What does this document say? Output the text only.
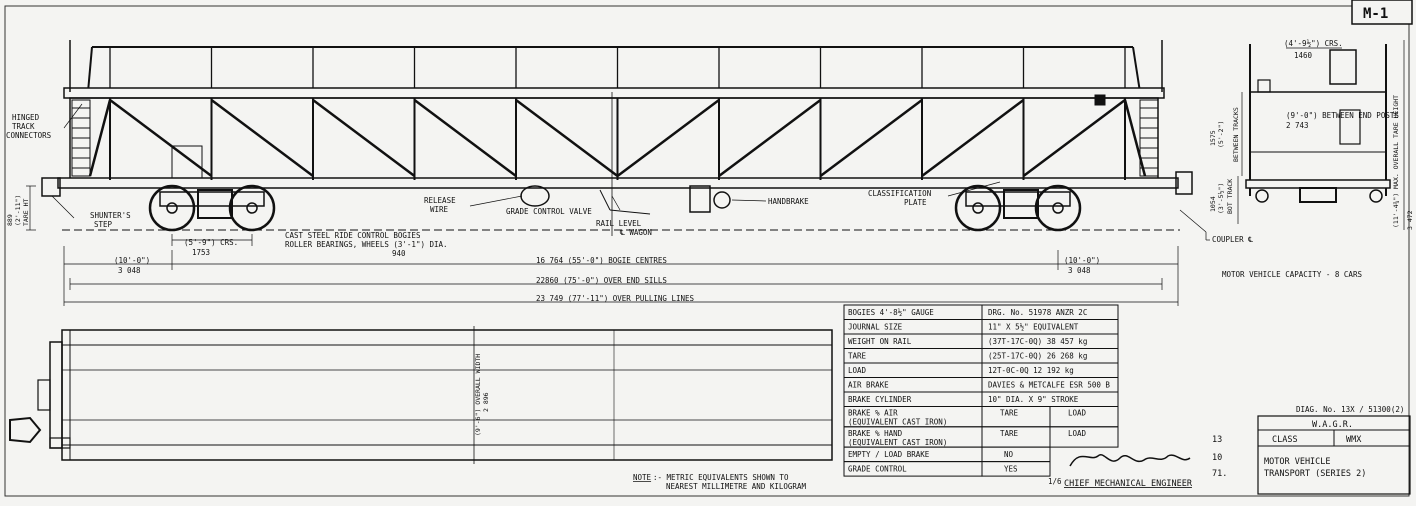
M-1
HINGED
TRACK
CONNECTORS
SHUNTER'S
STEP
889 (2'-11") TARE HT
CAST STEEL RIDE CONTROL BOGIES
ROLLER BEARINGS, WHEELS (3'-1") DIA.
940
(5'-9") CRS.
1753
RELEASE
WIRE	GRADE CONTROL VALVE
RAIL LEVEL
℄ WAGON
HANDBRAKE
CLASSIFICATION
PLATE
(10'-0")
3 048
(10'-0")
3 048
16 764 (55'-0") BOGIE CENTRES
22860 (75'-0") OVER END SILLS
23 749 (77'-11") OVER PULLING LINES
(4'-9½") CRS.
1460
(9'-0") BETWEEN END POSTS
2 743
1575 (5'-2") BETWEEN TRACKS
1054 (3'-5½") BOT TRACK	(11'-4¾") MAX. OVERALL TARE HEIGHT 3 472
COUPLER ℄
MOTOR VEHICLE CAPACITY - 8 CARS
(9'-6") OVERALL WIDTH 2 896
NOTE :- METRIC EQUIVALENTS SHOWN TO
NEAREST MILLIMETRE AND KILOGRAM
BOGIES 4'-8½" GAUGE	DRG. No. 51978 ANZR 2C
JOURNAL SIZE	11" X 5½" EQUIVALENT
WEIGHT ON RAIL	(37T-17C-0Q) 38 457 kg
TARE	(25T-17C-0Q) 26 268 kg
LOAD	12T-0C-0Q 12 192 kg
AIR BRAKE	DAVIES & METCALFE ESR 500 B
BRAKE CYLINDER	10" DIA. X 9" STROKE
BRAKE % AIR
(EQUIVALENT CAST IRON)
TARE	LOAD
BRAKE % HAND
(EQUIVALENT CAST IRON)
TARE	LOAD
EMPTY / LOAD BRAKE	NO
GRADE CONTROL	YES
1/6 CHIEF MECHANICAL ENGINEER
13
10
71.
DIAG. No. 13X / 51300(2)
W.A.G.R.
CLASS	WMX
MOTOR VEHICLE
TRANSPORT (SERIES 2)
